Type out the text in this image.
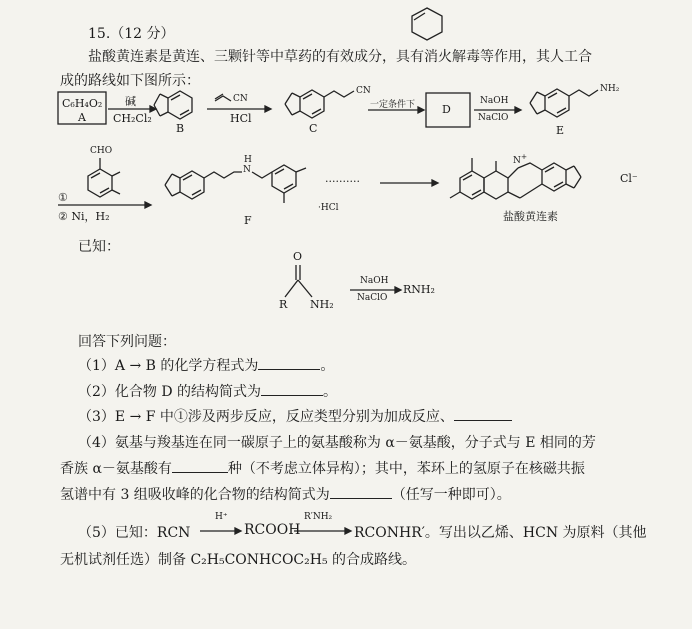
15.（12 分）
盐酸黄连素是黄连、三颗针等中草药的有效成分，具有消火解毒等作用，其人工合
成的路线如下图所示：
C₆H₄O₂
A
碱
CH₂Cl₂
B
CN
HCl
CN
C
一定条件下 D
NaOH
NaClO
NH₂
E
CHO
①
② Ni，H₂
N
H
·HCl
F
··········
N+
Cl⁻
盐酸黄连素
已知：
O
R NH₂
NaOH
NaClO
RNH₂
回答下列问题：
（1）A → B 的化学方程式为	。
（2）化合物 D 的结构简式为	。
（3）E → F 中①涉及两步反应，反应类型分别为加成反应、
（4）氨基与羧基连在同一碳原子上的氨基酸称为 α－氨基酸，分子式与 E 相同的芳
香族 α－氨基酸有	种（不考虑立体异构）；其中，苯环上的氢原子在核磁共振
氢谱中有 3 组吸收峰的化合物的结构简式为	（任写一种即可）。
（5）已知：RCN
H⁺
RCOOH
R′NH₂
RCONHR′。写出以乙烯、HCN 为原料（其他
无机试剂任选）制备 C₂H₅CONHCOC₂H₅ 的合成路线。
